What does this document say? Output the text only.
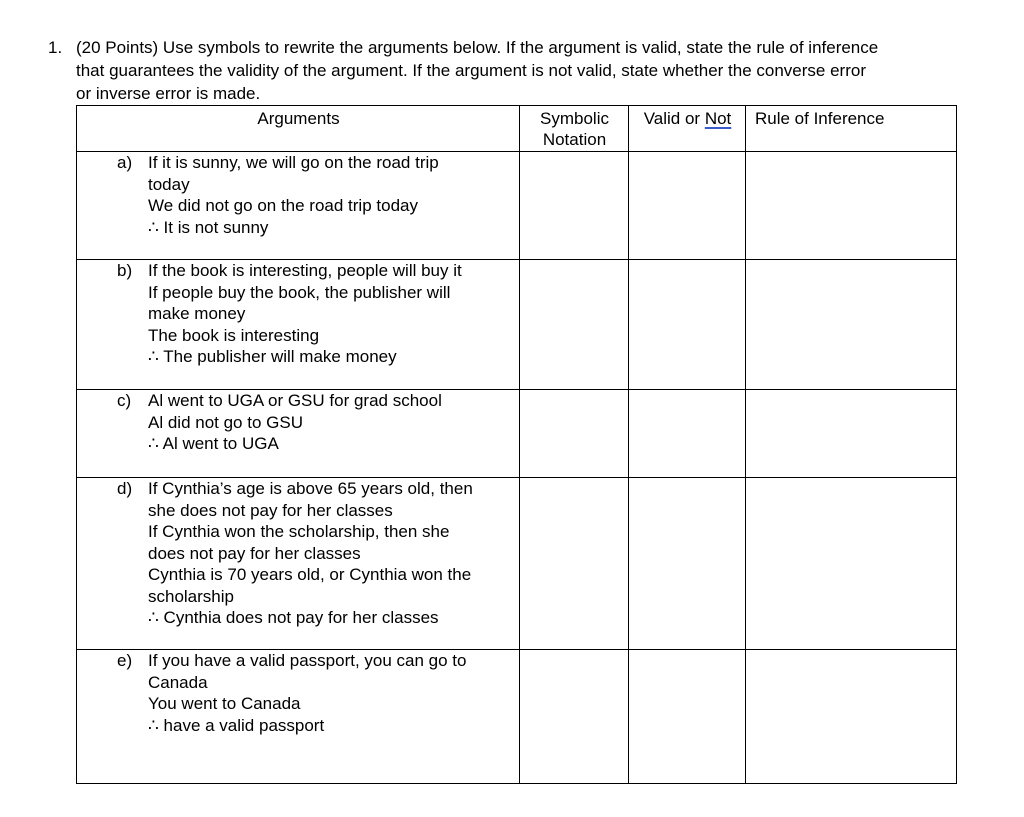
1. (20 Points) Use symbols to rewrite the arguments below. If the argument is valid, state the rule of inference
that guarantees the validity of the argument. If the argument is not valid, state whether the converse error
or inverse error is made.
Arguments	Symbolic
Notation
Valid or Not	Rule of Inference
a) If it is sunny, we will go on the road trip
today
We did not go on the road trip today
∴ It is not sunny
b) If the book is interesting, people will buy it
If people buy the book, the publisher will
make money
The book is interesting
∴ The publisher will make money
c) Al went to UGA or GSU for grad school
Al did not go to GSU
∴ Al went to UGA
d) If Cynthia’s age is above 65 years old, then
she does not pay for her classes
If Cynthia won the scholarship, then she
does not pay for her classes
Cynthia is 70 years old, or Cynthia won the
scholarship
∴ Cynthia does not pay for her classes
e) If you have a valid passport, you can go to
Canada
You went to Canada
∴ have a valid passport
